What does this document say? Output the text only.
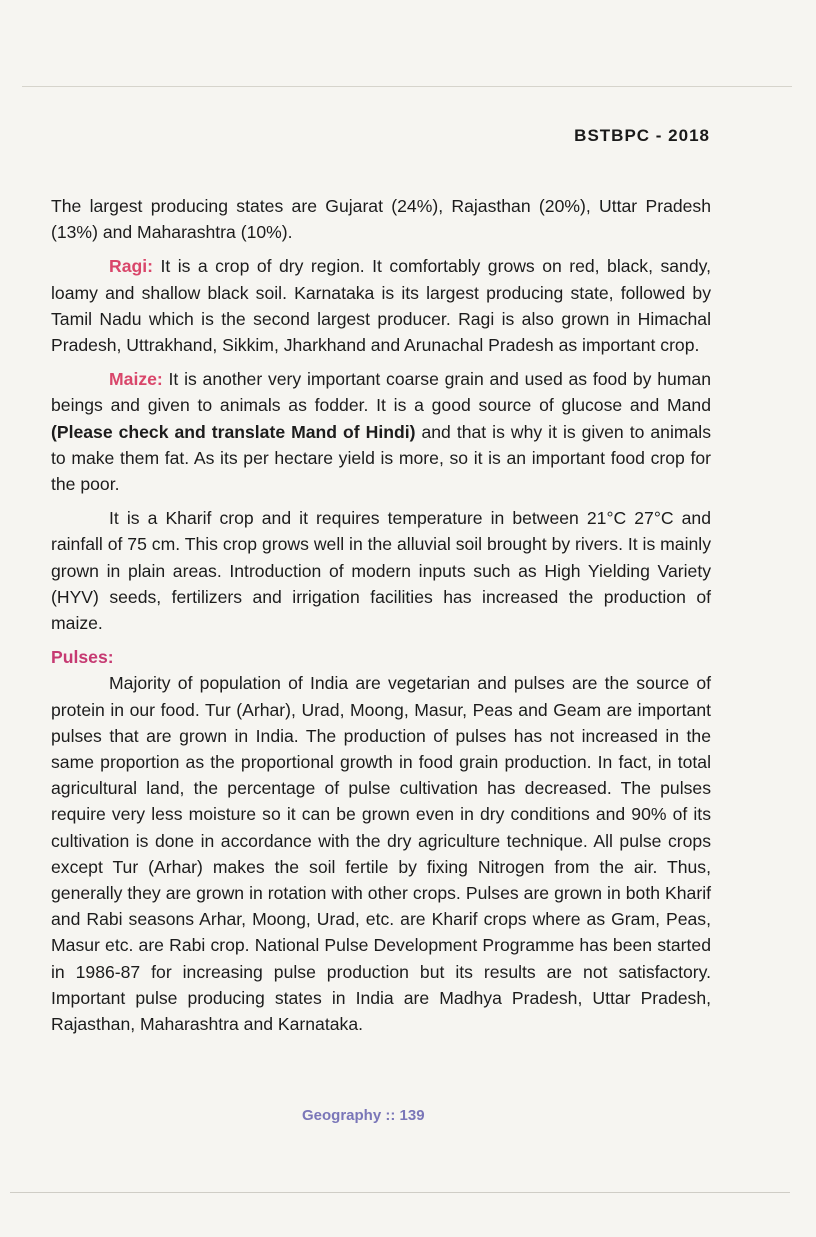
BSTBPC - 2018

The largest producing states are Gujarat (24%), Rajasthan (20%), Uttar Pradesh (13%) and Maharashtra (10%).

Ragi: It is a crop of dry region. It comfortably grows on red, black, sandy, loamy and shallow black soil. Karnataka is its largest producing state, followed by Tamil Nadu which is the second largest producer. Ragi is also grown in Himachal Pradesh, Uttrakhand, Sikkim, Jharkhand and Arunachal Pradesh as important crop.

Maize: It is another very important coarse grain and used as food by human beings and given to animals as fodder. It is a good source of glucose and Mand (Please check and translate Mand of Hindi) and that is why it is given to animals to make them fat. As its per hectare yield is more, so it is an important food crop for the poor.

It is a Kharif crop and it requires temperature in between 21°C 27°C and rainfall of 75 cm. This crop grows well in the alluvial soil brought by rivers. It is mainly grown in plain areas. Introduction of modern inputs such as High Yielding Variety (HYV) seeds, fertilizers and irrigation facilities has increased the production of maize.

Pulses:

Majority of population of India are vegetarian and pulses are the source of protein in our food. Tur (Arhar), Urad, Moong, Masur, Peas and Geam are important pulses that are grown in India. The production of pulses has not increased in the same proportion as the proportional growth in food grain production. In fact, in total agricultural land, the percentage of pulse cultivation has decreased. The pulses require very less moisture so it can be grown even in dry conditions and 90% of its cultivation is done in accordance with the dry agriculture technique. All pulse crops except Tur (Arhar) makes the soil fertile by fixing Nitrogen from the air. Thus, generally they are grown in rotation with other crops. Pulses are grown in both Kharif and Rabi seasons Arhar, Moong, Urad, etc. are Kharif crops where as Gram, Peas, Masur etc. are Rabi crop. National Pulse Development Programme has been started in 1986-87 for increasing pulse production but its results are not satisfactory. Important pulse producing states in India are Madhya Pradesh, Uttar Pradesh, Rajasthan, Maharashtra and Karnataka.

Geography :: 139
